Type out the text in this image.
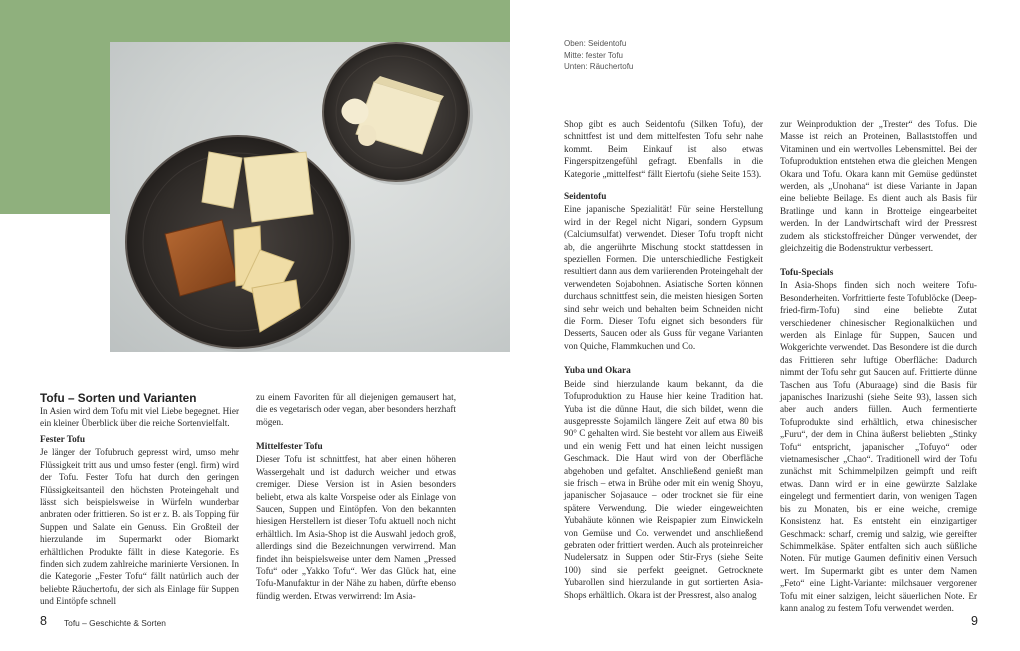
Tofu – Sorten und Varianten

In Asien wird dem Tofu mit viel Liebe begegnet. Hier ein kleiner Überblick über die reiche Sortenvielfalt.

Fester Tofu

Je länger der Tofubruch gepresst wird, umso mehr Flüssigkeit tritt aus und umso fester (engl. firm) wird der Tofu. Fester Tofu hat durch den geringen Flüssigkeitsanteil den höchsten Proteingehalt und lässt sich beispielsweise in Würfeln wunderbar anbraten oder frittieren. So ist er z. B. als Topping für Suppen und Salate ein Genuss. Ein Großteil der hierzulande im Supermarkt oder Biomarkt erhältlichen Produkte fällt in diese Kategorie. Es finden sich zudem zahlreiche marinierte Versionen. In die Kategorie „Fester Tofu“ fällt natürlich auch der beliebte Räuchertofu, der sich als Einlage für Suppen und Eintöpfe schnell

zu einem Favoriten für all diejenigen gemausert hat, die es vegetarisch oder vegan, aber besonders herzhaft mögen.

Mittelfester Tofu

Dieser Tofu ist schnittfest, hat aber einen höheren Wassergehalt und ist dadurch weicher und etwas cremiger. Diese Version ist in Asien besonders beliebt, etwa als kalte Vorspeise oder als Einlage von Saucen, Suppen und Eintöpfen. Von den bekannten hiesigen Herstellern ist dieser Tofu aktuell noch nicht erhältlich. Im Asia-Shop ist die Auswahl jedoch groß, allerdings sind die Bezeichnungen verwirrend. Man findet ihn beispielsweise unter dem Namen „Pressed Tofu“ oder „Yakko Tofu“. Wer das Glück hat, eine Tofu-Manufaktur in der Nähe zu haben, dürfte ebenso fündig werden. Etwas verwirrend: Im Asia-

8 Tofu – Geschichte & Sorten
Oben: Seidentofu
Mitte: fester Tofu
Unten: Räuchertofu

Shop gibt es auch Seidentofu (Silken Tofu), der schnittfest ist und dem mittelfesten Tofu sehr nahe kommt. Beim Einkauf ist also etwas Fingerspitzengefühl gefragt. Ebenfalls in die Kategorie „mittelfest“ fällt Eiertofu (siehe Seite 153).

Seidentofu

Eine japanische Spezialität! Für seine Herstellung wird in der Regel nicht Nigari, sondern Gypsum (Calciumsulfat) verwendet. Dieser Tofu tropft nicht ab, die angerührte Mischung stockt stattdessen in speziellen Formen. Die unterschiedliche Festigkeit resultiert dann aus dem variierenden Proteingehalt der verwendeten Sojabohnen. Asiatische Sorten können durchaus schnittfest sein, die meisten hiesigen Sorten sind sehr weich und behalten beim Schneiden nicht die Form. Dieser Tofu eignet sich besonders für Desserts, Saucen oder als Guss für vegane Varianten von Quiche, Flammkuchen und Co.

Yuba und Okara

Beide sind hierzulande kaum bekannt, da die Tofuproduktion zu Hause hier keine Tradition hat. Yuba ist die dünne Haut, die sich bildet, wenn die ausgepresste Sojamilch längere Zeit auf etwa 80 bis 90° C gehalten wird. Sie besteht vor allem aus Eiweiß und ein wenig Fett und hat einen leicht nussigen Geschmack. Die Haut wird von der Oberfläche abgehoben und gefaltet. Anschließend genießt man sie frisch – etwa in Brühe oder mit ein wenig Shoyu, japanischer Sojasauce – oder trocknet sie für eine spätere Verwendung. Die wieder eingeweichten Yubahäute können wie Reispapier zum Einwickeln von Gemüse und Co. verwendet und anschließend gebraten oder frittiert werden. Auch als proteinreicher Nudelersatz in Suppen oder Stir-Frys (siehe Seite 100) sind sie perfekt geeignet. Getrocknete Yubarollen sind hierzulande in gut sortierten Asia-Shops erhältlich. Okara ist der Pressrest, also analog

zur Weinproduktion der „Trester“ des Tofus. Die Masse ist reich an Proteinen, Ballaststoffen und Vitaminen und ein wertvolles Lebensmittel. Bei der Tofuproduktion entstehen etwa die gleichen Mengen Okara und Tofu. Okara kann mit Gemüse gedünstet werden, als „Unohana“ ist diese Variante in Japan eine beliebte Beilage. Es dient auch als Basis für Bratlinge und kann in Brotteige eingearbeitet werden. In der Landwirtschaft wird der Pressrest zudem als stickstoffreicher Dünger verwendet, der gleichzeitig die Bodenstruktur verbessert.

Tofu-Specials

In Asia-Shops finden sich noch weitere Tofu-Besonderheiten. Vorfrittierte feste Tofublöcke (Deep-fried-firm-Tofu) sind eine beliebte Zutat verschiedener chinesischer Regionalküchen und werden als Einlage für Suppen, Saucen und Wokgerichte verwendet. Das Besondere ist die durch das Frittieren sehr luftige Oberfläche: Dadurch nimmt der Tofu sehr gut Saucen auf. Frittierte dünne Taschen aus Tofu (Aburaage) sind die Basis für japanisches Inarizushi (siehe Seite 93), lassen sich aber auch anders füllen. Auch fermentierte Tofuprodukte sind erhältlich, etwa chinesischer „Furu“, der dem in China äußerst beliebten „Stinky Tofu“ entspricht, japanischer „Tofuyo“ oder vietnamesischer „Chao“. Traditionell wird der Tofu zunächst mit Schimmelpilzen geimpft und reift etwas. Dann wird er in eine gewürzte Salzlake eingelegt und fermentiert darin, von wenigen Tagen bis zu Monaten, bis er eine weiche, cremige Konsistenz hat. Es entsteht ein einzigartiger Geschmack: scharf, cremig und salzig, wie gereifter Schimmelkäse. Später entfalten sich auch süßliche Noten. Für mutige Gaumen definitiv einen Versuch wert. Im Supermarkt gibt es unter dem Namen „Feto“ eine Light-Variante: milchsauer vergorener Tofu mit einer salzigen, leicht säuerlichen Note. Er kann analog zu festem Tofu verwendet werden.

9
